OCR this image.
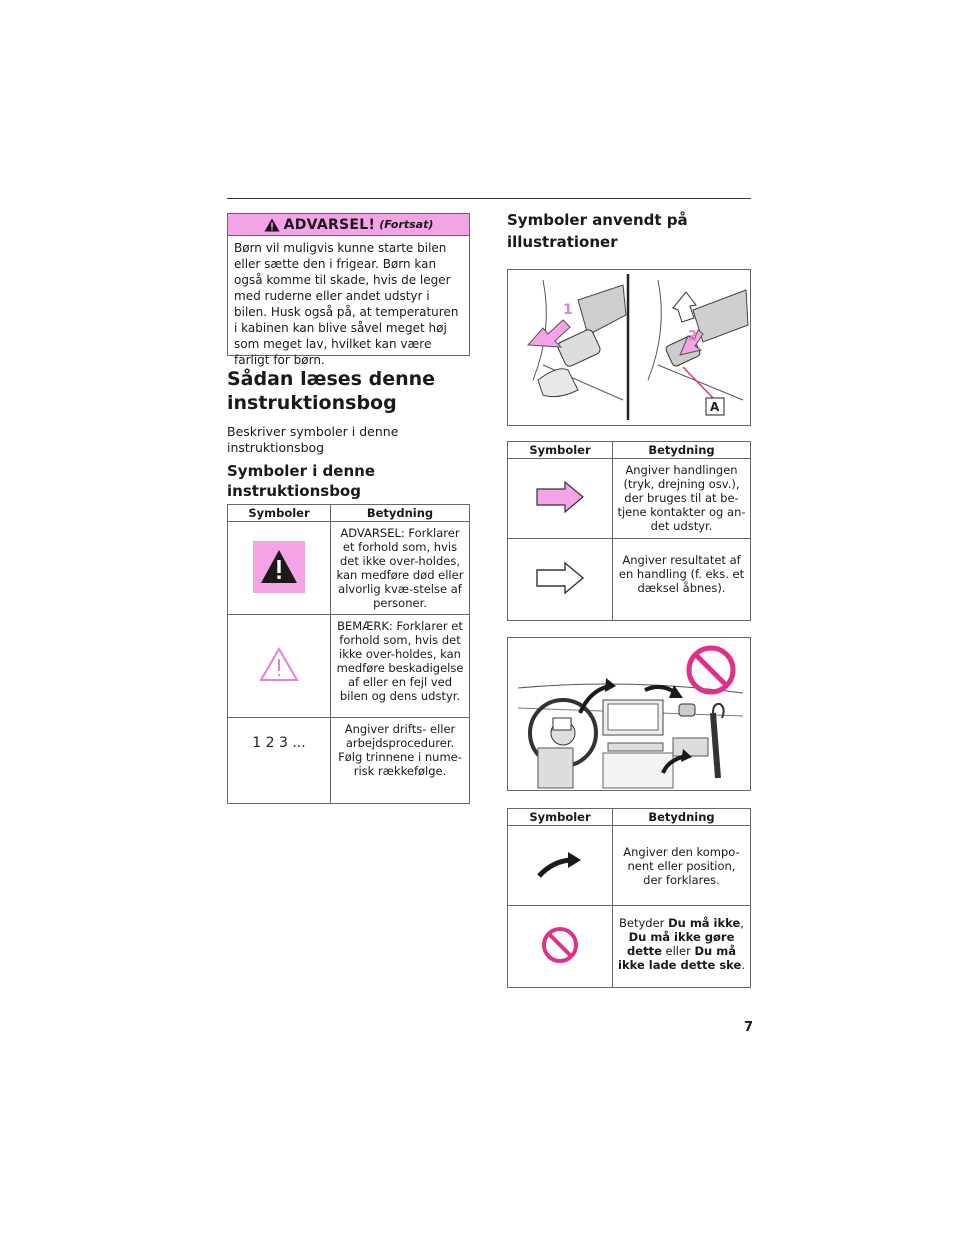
ADVARSEL! (Fortsat)
Børn vil muligvis kunne starte bilen eller sætte den i frigear. Børn kan også komme til skade, hvis de leger med ruderne eller andet udstyr i bilen. Husk også på, at temperaturen i kabinen kan blive såvel meget høj som meget lav, hvilket kan være farligt for børn.
Sådan læses denne instruktionsbog
Beskriver symboler i denne instruktionsbog
Symboler i denne instruktionsbog
Symboler	Betydning
	ADVARSEL: Forklarer et forhold som, hvis det ikke over-holdes, kan medføre død eller alvorlig kvæ-stelse af personer.
	BEMÆRK: Forklarer et forhold som, hvis det ikke over-holdes, kan medføre beskadigelse af eller en fejl ved bilen og dens udstyr.
1 2 3 ...	Angiver drifts- eller arbejdsprocedurer. Følg trinnene i nume-risk rækkefølge.
Symboler anvendt på illustrationer
1
2
A
Symboler	Betydning
	Angiver handlingen (tryk, drejning osv.), der bruges til at be-tjene kontakter og an-det udstyr.
	Angiver resultatet af en handling (f. eks. et dæksel åbnes).
Symboler	Betydning
	Angiver den kompo-nent eller position, der forklares.
	Betyder Du må ikke, Du må ikke gøre dette eller Du må ikke lade dette ske.
7
